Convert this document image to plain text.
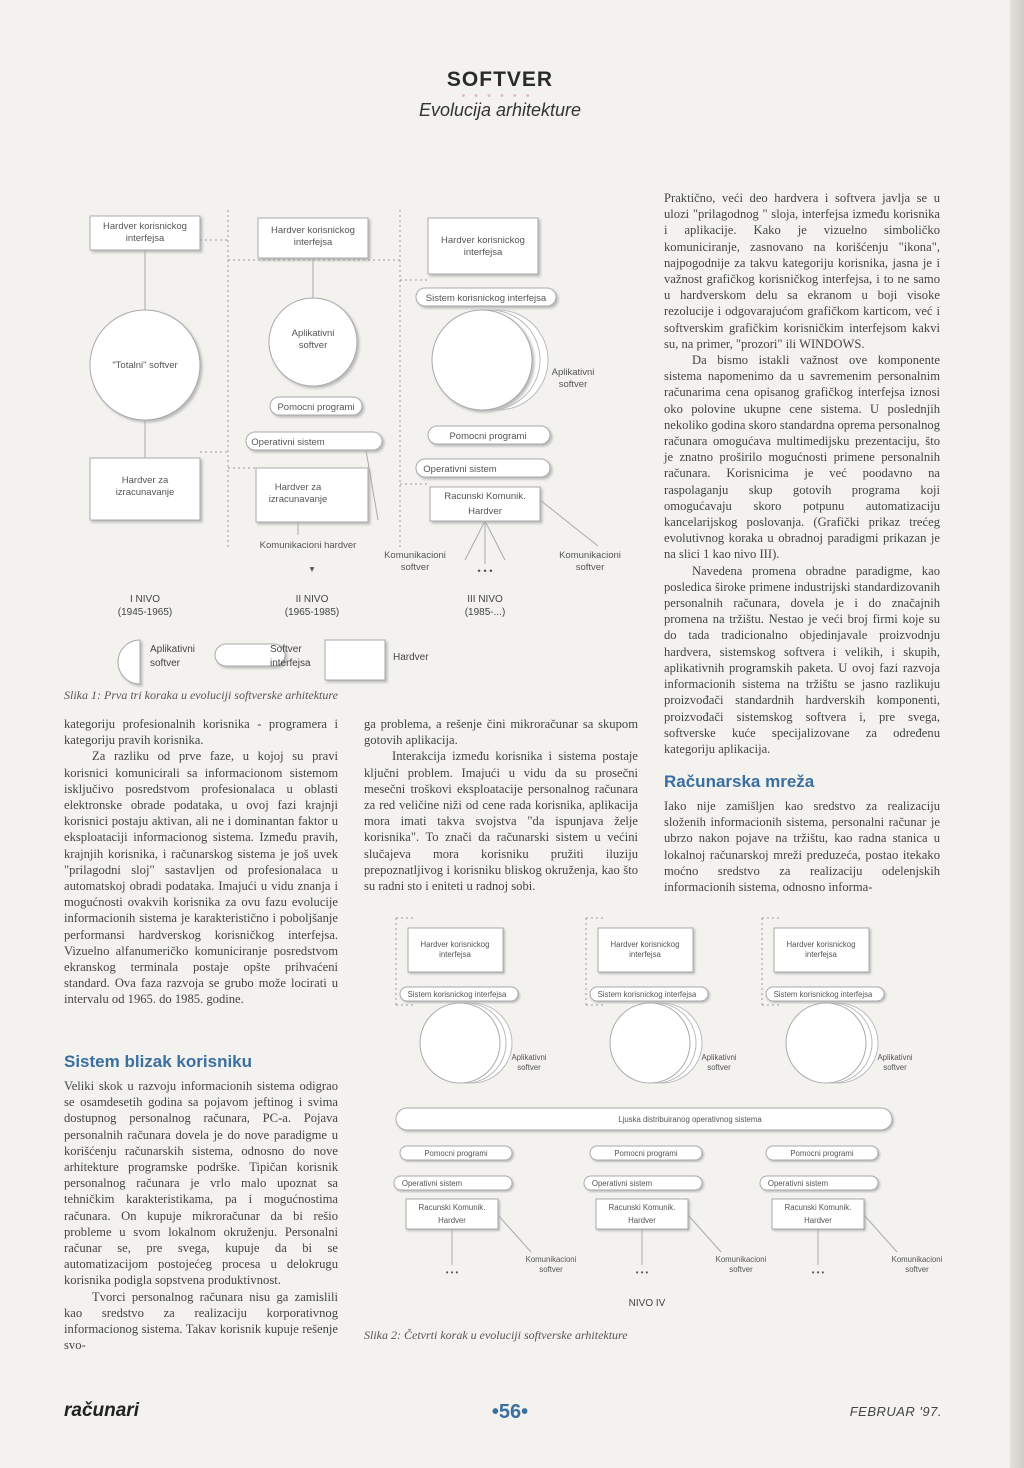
SOFTVER
••••••
Evolucija arhitekture
Hardver korisnickog
interfejsa
"Totalni" softver
Hardver za
izracunavanje
I NIVO
(1945-1965)
Hardver korisnickog
interfejsa
Aplikativni
softver
Pomocni programi
Operativni sistem
Hardver za
izracunavanje
Komunikacioni hardver
▾
II NIVO
(1965-1985)
Hardver korisnickog
interfejsa
Sistem korisnickog interfejsa
Aplikativni
softver
Pomocni programi
Operativni sistem
Racunski Komunik.
Hardver
Komunikacioni
softver
Komunikacioni
softver
• • •
III NIVO
(1985-...)
Aplikativni
softver
Softver
interfejsa
Hardver
Slika 1: Prva tri koraka u evoluciji softverske arhitekture

kategoriju profesionalnih korisnika - programera i kategoriju pravih korisnika.

Za razliku od prve faze, u kojoj su pravi korisnici komunicirali sa informacionom sistemom isključivo posredstvom profesionalaca u oblasti elektronske obrade podataka, u ovoj fazi krajnji korisnici postaju aktivan, ali ne i dominantan faktor u eksploataciji informacionog sistema. Između pravih, krajnjih korisnika, i računarskog sistema je još uvek "prilagodni sloj" sastavljen od profesionalaca u automatskoj obradi podataka. Imajući u vidu znanja i mogućnosti ovakvih korisnika za ovu fazu evolucije informacionih sistema je karakteristično i poboljšanje performansi hardverskog korisničkog interfejsa. Vizuelno alfanumeričko komuniciranje posredstvom ekranskog terminala postaje opšte prihvaćeni standard. Ova faza razvoja se grubo može locirati u intervalu od 1965. do 1985. godine.

Sistem blizak korisniku

Veliki skok u razvoju informacionih sistema odigrao se osamdesetih godina sa pojavom jeftinog i svima dostupnog personalnog računara, PC-a. Pojava personalnih računara dovela je do nove paradigme u korišćenju računarskih sistema, odnosno do nove arhitekture programske podrške. Tipičan korisnik personalnog računara je vrlo malo upoznat sa tehničkim karakteristikama, pa i mogućnostima računara. On kupuje mikroračunar da bi rešio probleme u svom lokalnom okruženju. Personalni računar se, pre svega, kupuje da bi se automatizacijom postojećeg procesa u delokrugu korisnika podigla sopstvena produktivnost.

Tvorci personalnog računara nisu ga zamislili kao sredstvo za realizaciju korporativnog informacionog sistema. Takav korisnik kupuje rešenje svo-

ga problema, a rešenje čini mikroračunar sa skupom gotovih aplikacija.

Interakcija između korisnika i sistema postaje ključni problem. Imajući u vidu da su prosečni mesečni troškovi eksploatacije personalnog računara za red veličine niži od cene rada korisnika, aplikacija mora imati takva svojstva "da ispunjava želje korisnika". To znači da računarski sistem u većini slučajeva mora korisniku pružiti iluziju prepoznatljivog i korisniku bliskog okruženja, kao što su radni sto i eniteti u radnoj sobi.

Praktično, veći deo hardvera i softvera javlja se u ulozi "prilagodnog " sloja, interfejsa između korisnika i aplikacije. Kako je vizuelno simboličko komuniciranje, zasnovano na korišćenju "ikona", najpogodnije za takvu kategoriju korisnika, jasna je i važnost grafičkog korisničkog interfejsa, i to ne samo u hardverskom delu sa ekranom u boji visoke rezolucije i odgovarajućom grafičkom karticom, već i softverskim grafičkim korisničkim interfejsom kakvi su, na primer, "prozori" ili WINDOWS.

Da bismo istakli važnost ove komponente sistema napomenimo da u savremenim personalnim računarima cena opisanog grafičkog interfejsa iznosi oko polovine ukupne cene sistema. U poslednjih nekoliko godina skoro standardna oprema personalnog računara omogućava multimedijsku prezentaciju, što je znatno proširilo mogućnosti primene personalnih računara. Korisnicima je već poodavno na raspolaganju skup gotovih programa koji omogućavaju skoro potpunu automatizaciju kancelarijskog poslovanja. (Grafički prikaz trećeg evolutivnog koraka u obradnoj paradigmi prikazan je na slici 1 kao nivo III).

Navedena promena obradne paradigme, kao posledica široke primene industrijski standardizovanih personalnih računara, dovela je i do značajnih promena na tržištu. Nestao je veći broj firmi koje su do tada tradicionalno objedinjavale proizvodnju hardvera, sistemskog softvera i velikih, i skupih, aplikativnih programskih paketa. U ovoj fazi razvoja informacionih sistema na tržištu se jasno razlikuju proizvođači standardnih hardverskih komponenti, proizvođači sistemskog softvera i, pre svega, softverske kuće specijalizovane za određenu kategoriju aplikacija.

Računarska mreža

Iako nije zamišljen kao sredstvo za realizaciju složenih informacionih sistema, personalni računar je ubrzo nakon pojave na tržištu, kao radna stanica u lokalnoj računarskoj mreži preduzeća, postao itekako moćno sredstvo za realizaciju odelenjskih informacionih sistema, odnosno informa-

Hardver korisnickog
interfejsa
Sistem korisnickog interfejsa
Aplikativni
softver
Pomocni programi
Operativni sistem
Racunski Komunik.
Hardver
• • •
Komunikacioni
softver
Hardver korisnickog
interfejsa
Sistem korisnickog interfejsa
Aplikativni
softver
Pomocni programi
Operativni sistem
Racunski Komunik.
Hardver
• • •
Komunikacioni
softver
Hardver korisnickog
interfejsa
Sistem korisnickog interfejsa
Aplikativni
softver
Pomocni programi
Operativni sistem
Racunski Komunik.
Hardver
• • •
Komunikacioni
softver
Ljuska distribuiranog operativnog sistema
NIVO IV
Slika 2: Četvrti korak u evoluciji softverske arhitekture
računari	•56•	FEBRUAR '97.
